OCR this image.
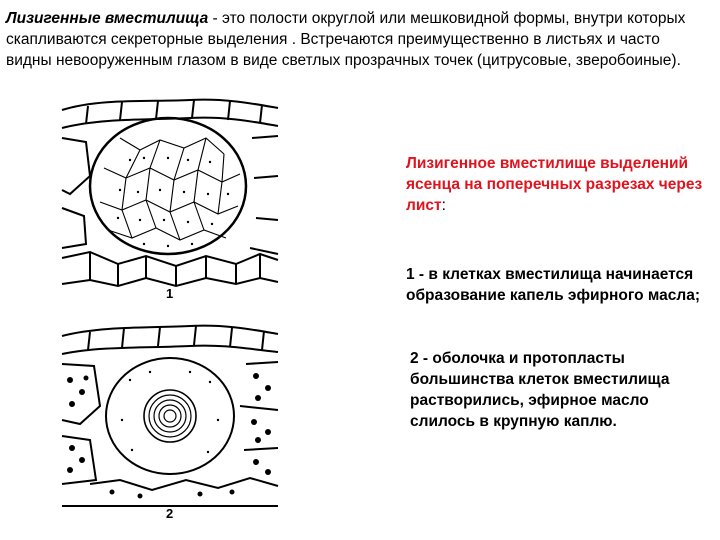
Лизигенные вместилища - это полости округлой или мешковидной формы, внутри которых скапливаются секреторные выделения . Встречаются преимущественно в листьях и часто видны невооруженным глазом в виде светлых прозрачных точек (цитрусовые, зверобоиные).
1
2
Лизигенное вместилище выделений ясенца на поперечных разрезах через лист:
1 - в клетках вместилища начинается образование капель эфирного масла;
2 - оболочка и протопласты большинства клеток вместилища растворились, эфирное масло слилось в крупную каплю.
